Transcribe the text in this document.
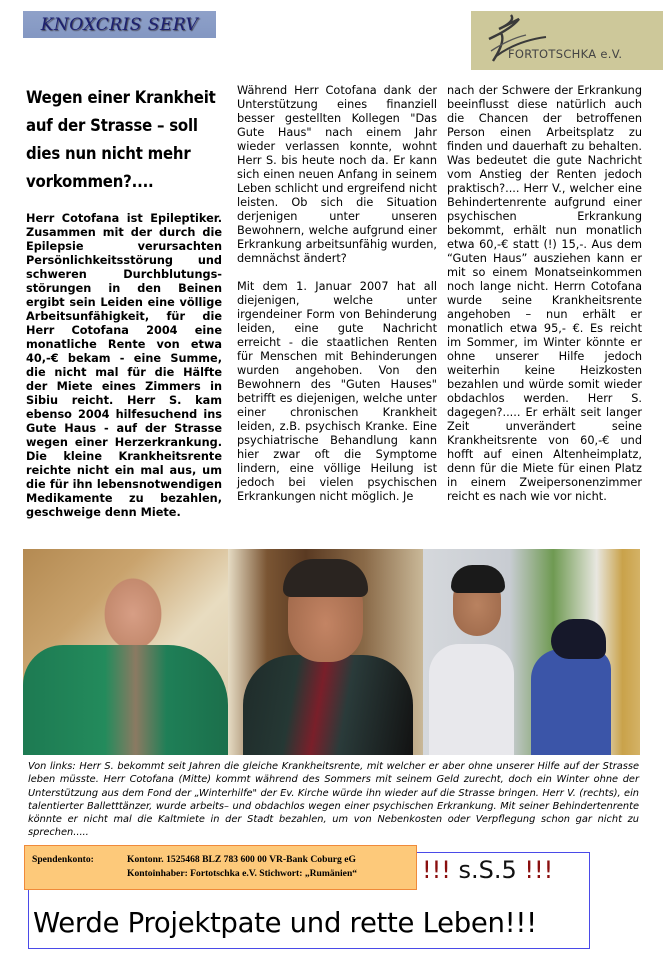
KNOXCRIS SERV
FORTOTSCHKA e.V.
Wegen einer Krankheit auf der Strasse – soll dies nun nicht mehr vorkommen?....

Herr Cotofana ist Epileptiker. Zusammen mit der durch die Epilepsie verursachten Persönlichkeitsstörung und schweren Durchblutungs-störungen in den Beinen ergibt sein Leiden eine völlige Arbeitsunfähigkeit, für die Herr Cotofana 2004 eine monatliche Rente von etwa 40,-€ bekam - eine Summe, die nicht mal für die Hälfte der Miete eines Zimmers in Sibiu reicht. Herr S. kam ebenso 2004 hilfesuchend ins Gute Haus - auf der Strasse wegen einer Herzerkrankung. Die kleine Krankheitsrente reichte nicht ein mal aus, um die für ihn lebensnotwendigen Medikamente zu bezahlen, geschweige denn Miete.

Während Herr Cotofana dank der Unterstützung eines finanziell besser gestellten Kollegen "Das Gute Haus" nach einem Jahr wieder verlassen konnte, wohnt Herr S. bis heute noch da. Er kann sich einen neuen Anfang in seinem Leben schlicht und ergreifend nicht leisten. Ob sich die Situation derjenigen unter unseren Bewohnern, welche aufgrund einer Erkrankung arbeitsunfähig wurden, demnächst ändert?

Mit dem 1. Januar 2007 hat all diejenigen, welche unter irgendeiner Form von Behinderung leiden, eine gute Nachricht erreicht - die staatlichen Renten für Menschen mit Behinderungen wurden angehoben. Von den Bewohnern des "Guten Hauses" betrifft es diejenigen, welche unter einer chronischen Krankheit leiden, z.B. psychisch Kranke. Eine psychiatrische Behandlung kann hier zwar oft die Symptome lindern, eine völlige Heilung ist jedoch bei vielen psychischen Erkrankungen nicht möglich. Je

nach der Schwere der Erkrankung beeinflusst diese natürlich auch die Chancen der betroffenen Person einen Arbeitsplatz zu finden und dauerhaft zu behalten. Was bedeutet die gute Nachricht vom Anstieg der Renten jedoch praktisch?.... Herr V., welcher eine Behindertenrente aufgrund einer psychischen Erkrankung bekommt, erhält nun monatlich etwa 60,-€ statt (!) 15,-. Aus dem “Guten Haus” ausziehen kann er mit so einem Monatseinkommen noch lange nicht. Herrn Cotofana wurde seine Krankheitsrente angehoben – nun erhält er monatlich etwa 95,- €. Es reicht im Sommer, im Winter könnte er ohne unserer Hilfe jedoch weiterhin keine Heizkosten bezahlen und würde somit wieder obdachlos werden. Herr S. dagegen?..... Er erhält seit langer Zeit unverändert seine Krankheitsrente von 60,-€ und hofft auf einen Altenheimplatz, denn für die Miete für einen Platz in einem Zweipersonenzimmer reicht es nach wie vor nicht.

Von links: Herr S. bekommt seit Jahren die gleiche Krankheitsrente, mit welcher er aber ohne unserer Hilfe auf der Strasse leben müsste. Herr Cotofana (Mitte) kommt während des Sommers mit seinem Geld zurecht, doch ein Winter ohne der Unterstützung aus dem Fond der „Winterhilfe" der Ev. Kirche würde ihn wieder auf die Strasse bringen. Herr V. (rechts), ein talentierter Balletttänzer, wurde arbeits– und obdachlos wegen einer psychischen Erkrankung. Mit seiner Behindertenrente könnte er nicht mal die Kaltmiete in der Stadt bezahlen, um von Nebenkosten oder Verpflegung schon gar nicht zu sprechen.....
Werde Projektpate und rette Leben!!!
!!! s.S.5 !!!
Spendenkonto:	Kontonr. 1525468 BLZ 783 600 00 VR-Bank Coburg eG
Kontoinhaber: Fortotschka e.V. Stichwort: „Rumänien“
